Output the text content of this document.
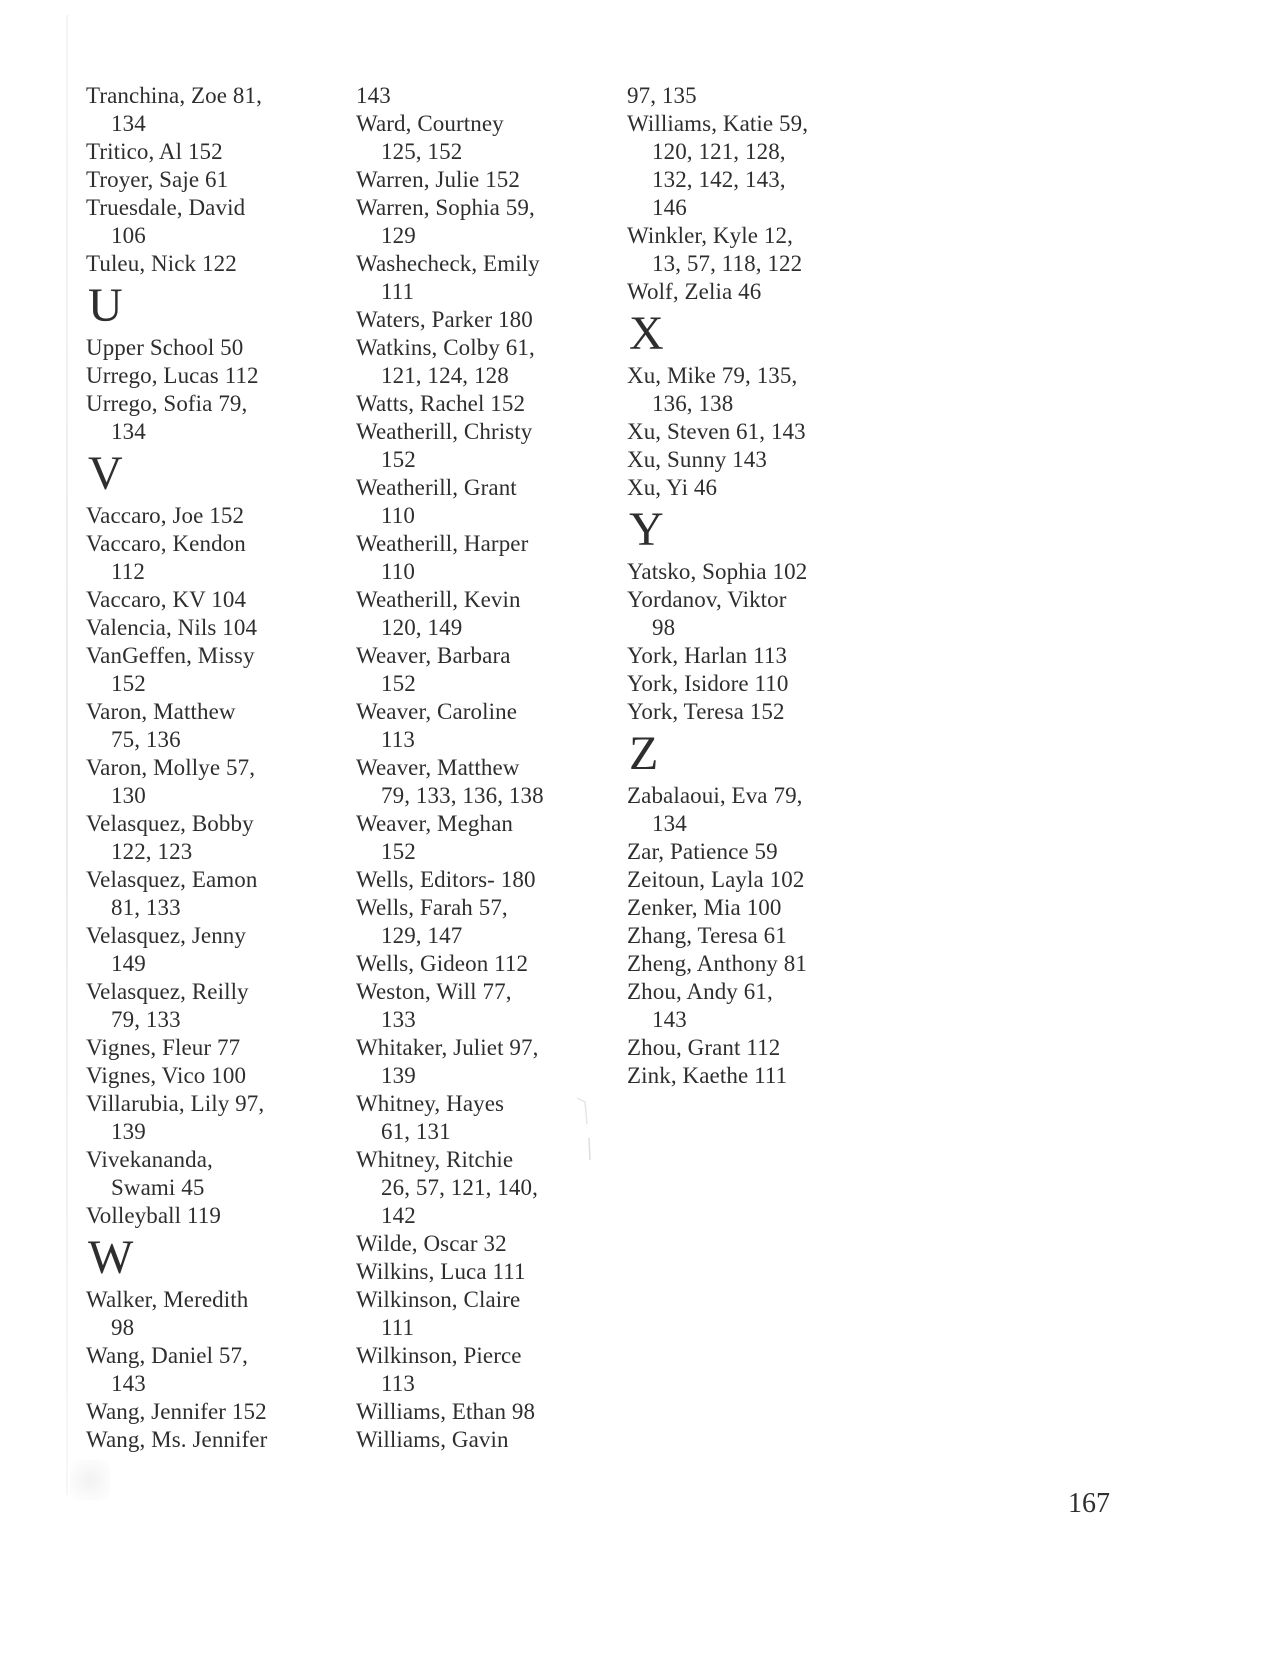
Tranchina, Zoe 81,
134
Tritico, Al 152
Troyer, Saje 61
Truesdale, David
106
Tuleu, Nick 122
U
Upper School 50
Urrego, Lucas 112
Urrego, Sofia 79,
134
V
Vaccaro, Joe 152
Vaccaro, Kendon
112
Vaccaro, KV 104
Valencia, Nils 104
VanGeffen, Missy
152
Varon, Matthew
75, 136
Varon, Mollye 57,
130
Velasquez, Bobby
122, 123
Velasquez, Eamon
81, 133
Velasquez, Jenny
149
Velasquez, Reilly
79, 133
Vignes, Fleur 77
Vignes, Vico 100
Villarubia, Lily 97,
139
Vivekananda,
Swami 45
Volleyball 119
W
Walker, Meredith
98
Wang, Daniel 57,
143
Wang, Jennifer 152
Wang, Ms. Jennifer
143
Ward, Courtney
125, 152
Warren, Julie 152
Warren, Sophia 59,
129
Washecheck, Emily
111
Waters, Parker 180
Watkins, Colby 61,
121, 124, 128
Watts, Rachel 152
Weatherill, Christy
152
Weatherill, Grant
110
Weatherill, Harper
110
Weatherill, Kevin
120, 149
Weaver, Barbara
152
Weaver, Caroline
113
Weaver, Matthew
79, 133, 136, 138
Weaver, Meghan
152
Wells, Editors- 180
Wells, Farah 57,
129, 147
Wells, Gideon 112
Weston, Will 77,
133
Whitaker, Juliet 97,
139
Whitney, Hayes
61, 131
Whitney, Ritchie
26, 57, 121, 140,
142
Wilde, Oscar 32
Wilkins, Luca 111
Wilkinson, Claire
111
Wilkinson, Pierce
113
Williams, Ethan 98
Williams, Gavin
97, 135
Williams, Katie 59,
120, 121, 128,
132, 142, 143,
146
Winkler, Kyle 12,
13, 57, 118, 122
Wolf, Zelia 46
X
Xu, Mike 79, 135,
136, 138
Xu, Steven 61, 143
Xu, Sunny 143
Xu, Yi 46
Y
Yatsko, Sophia 102
Yordanov, Viktor
98
York, Harlan 113
York, Isidore 110
York, Teresa 152
Z
Zabalaoui, Eva 79,
134
Zar, Patience 59
Zeitoun, Layla 102
Zenker, Mia 100
Zhang, Teresa 61
Zheng, Anthony 81
Zhou, Andy 61,
143
Zhou, Grant 112
Zink, Kaethe 111
167
